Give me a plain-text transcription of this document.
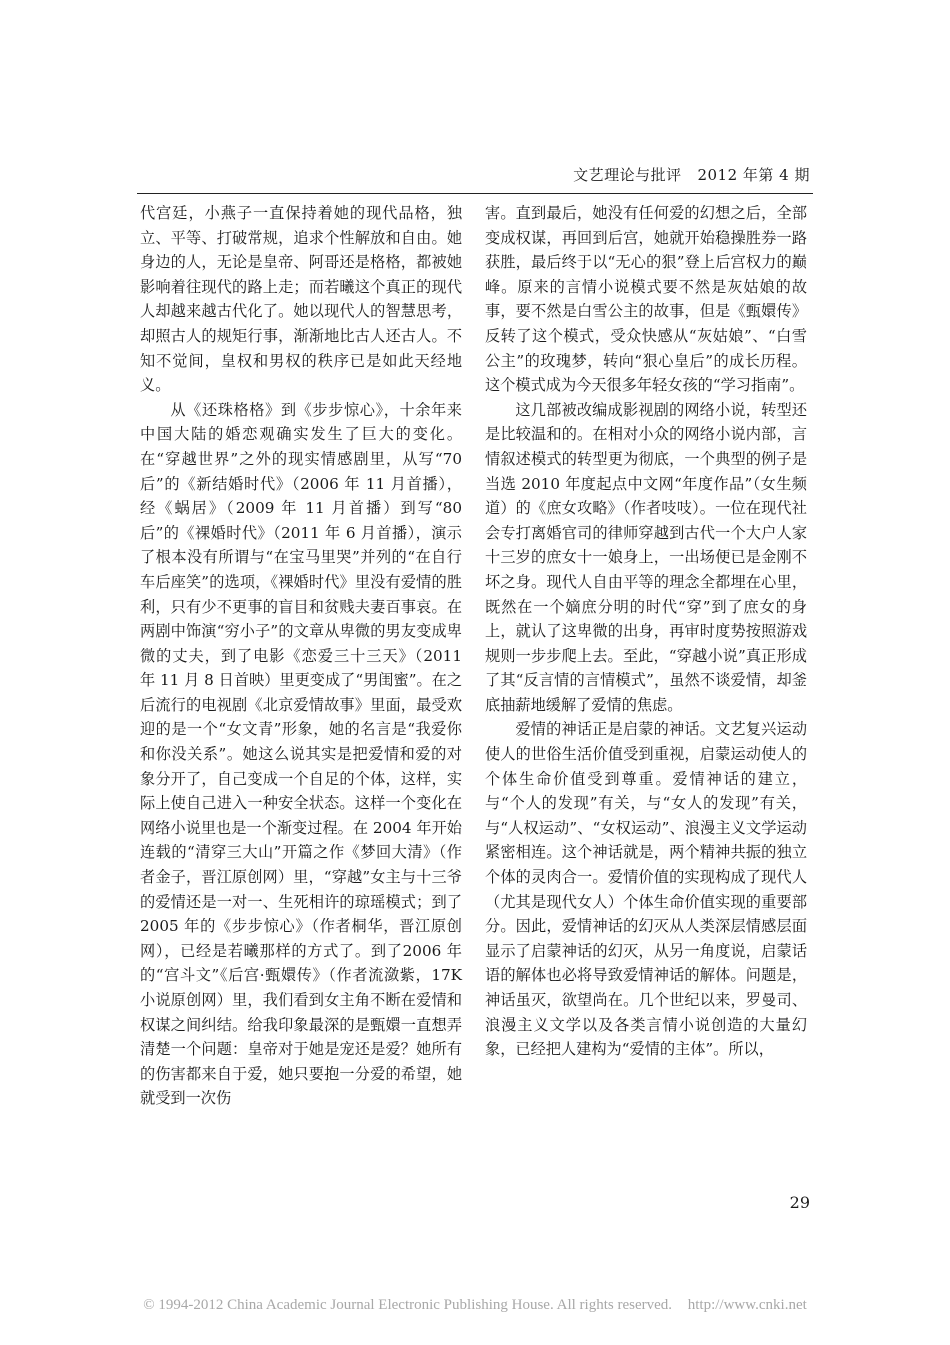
文艺理论与批评 2012 年第 4 期

代宫廷，小燕子一直保持着她的现代品格，独立、平等、打破常规，追求个性解放和自由。她身边的人，无论是皇帝、阿哥还是格格，都被她影响着往现代的路上走；而若曦这个真正的现代人却越来越古代化了。她以现代人的智慧思考，却照古人的规矩行事，渐渐地比古人还古人。不知不觉间，皇权和男权的秩序已是如此天经地义。

从《还珠格格》到《步步惊心》，十余年来中国大陆的婚恋观确实发生了巨大的变化。在“穿越世界”之外的现实情感剧里，从写“70后”的《新结婚时代》（2006 年 11 月首播），经《蜗居》（2009 年 11 月首播）到写“80 后”的《裸婚时代》（2011 年 6 月首播），演示了根本没有所谓与“在宝马里哭”并列的“在自行车后座笑”的选项，《裸婚时代》里没有爱情的胜利，只有少不更事的盲目和贫贱夫妻百事哀。在两剧中饰演“穷小子”的文章从卑微的男友变成卑微的丈夫，到了电影《恋爱三十三天》（2011 年 11 月 8 日首映）里更变成了“男闺蜜”。在之后流行的电视剧《北京爱情故事》里面，最受欢迎的是一个“女文青”形象，她的名言是“我爱你和你没关系”。她这么说其实是把爱情和爱的对象分开了，自己变成一个自足的个体，这样，实际上使自己进入一种安全状态。这样一个变化在网络小说里也是一个渐变过程。在 2004 年开始连载的“清穿三大山”开篇之作《梦回大清》（作者金子，晋江原创网）里，“穿越”女主与十三爷的爱情还是一对一、生死相许的琼瑶模式；到了 2005 年的《步步惊心》（作者桐华，晋江原创网），已经是若曦那样的方式了。到了2006 年的“宫斗文”《后宫·甄嬛传》（作者流潋紫，17K 小说原创网）里，我们看到女主角不断在爱情和权谋之间纠结。给我印象最深的是甄嬛一直想弄清楚一个问题：皇帝对于她是宠还是爱？她所有的伤害都来自于爱，她只要抱一分爱的希望，她就受到一次伤

害。直到最后，她没有任何爱的幻想之后，全部变成权谋，再回到后宫，她就开始稳操胜券一路获胜，最后终于以“无心的狠”登上后宫权力的巅峰。原来的言情小说模式要不然是灰姑娘的故事，要不然是白雪公主的故事，但是《甄嬛传》反转了这个模式，受众快感从“灰姑娘”、“白雪公主”的玫瑰梦，转向“狠心皇后”的成长历程。这个模式成为今天很多年轻女孩的“学习指南”。

这几部被改编成影视剧的网络小说，转型还是比较温和的。在相对小众的网络小说内部，言情叙述模式的转型更为彻底，一个典型的例子是当选 2010 年度起点中文网“年度作品”（女生频道）的《庶女攻略》（作者吱吱）。一位在现代社会专打离婚官司的律师穿越到古代一个大户人家十三岁的庶女十一娘身上，一出场便已是金刚不坏之身。现代人自由平等的理念全都埋在心里，既然在一个嫡庶分明的时代“穿”到了庶女的身上，就认了这卑微的出身，再审时度势按照游戏规则一步步爬上去。至此，“穿越小说”真正形成了其“反言情的言情模式”，虽然不谈爱情，却釜底抽薪地缓解了爱情的焦虑。

爱情的神话正是启蒙的神话。文艺复兴运动使人的世俗生活价值受到重视，启蒙运动使人的个体生命价值受到尊重。爱情神话的建立，与“个人的发现”有关，与“女人的发现”有关，与“人权运动”、“女权运动”、浪漫主义文学运动紧密相连。这个神话就是，两个精神共振的独立个体的灵肉合一。爱情价值的实现构成了现代人（尤其是现代女人）个体生命价值实现的重要部分。因此，爱情神话的幻灭从人类深层情感层面显示了启蒙神话的幻灭，从另一角度说，启蒙话语的解体也必将导致爱情神话的解体。问题是，神话虽灭，欲望尚在。几个世纪以来，罗曼司、浪漫主义文学以及各类言情小说创造的大量幻象，已经把人建构为“爱情的主体”。所以，

29
© 1994-2012 China Academic Journal Electronic Publishing House. All rights reserved. http://www.cnki.net
